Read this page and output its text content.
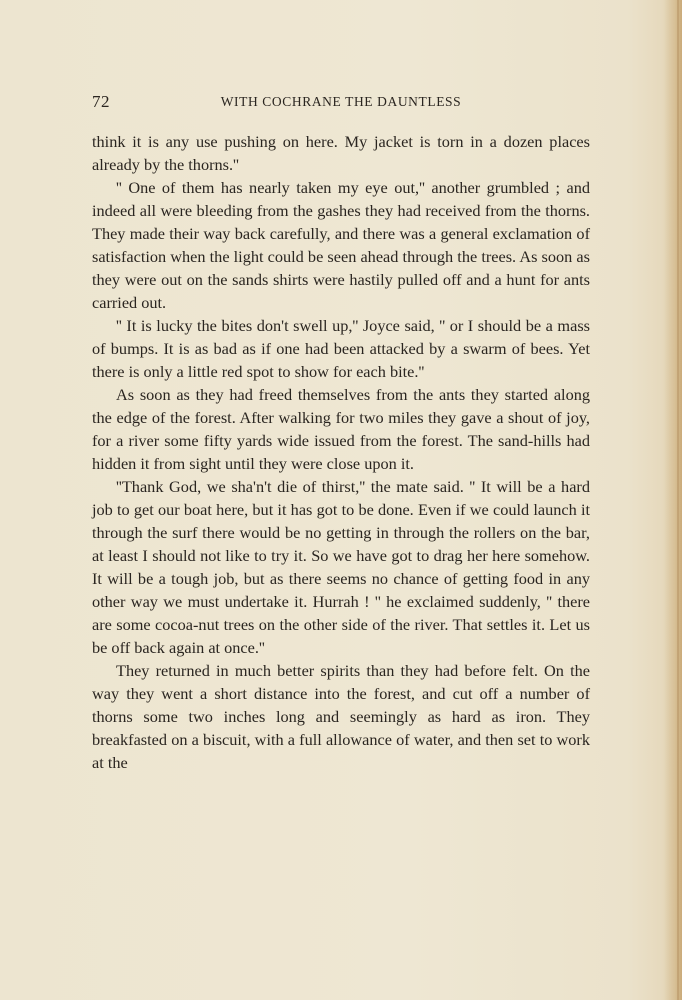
72	WITH COCHRANE THE DAUNTLESS

think it is any use pushing on here. My jacket is torn in a dozen places already by the thorns.''

'' One of them has nearly taken my eye out,'' another grumbled ; and indeed all were bleeding from the gashes they had received from the thorns. They made their way back carefully, and there was a general exclamation of satisfaction when the light could be seen ahead through the trees. As soon as they were out on the sands shirts were hastily pulled off and a hunt for ants carried out.

'' It is lucky the bites don't swell up,'' Joyce said, '' or I should be a mass of bumps. It is as bad as if one had been attacked by a swarm of bees. Yet there is only a little red spot to show for each bite.''

As soon as they had freed themselves from the ants they started along the edge of the forest. After walking for two miles they gave a shout of joy, for a river some fifty yards wide issued from the forest. The sand-hills had hidden it from sight until they were close upon it.

''Thank God, we sha'n't die of thirst,'' the mate said. '' It will be a hard job to get our boat here, but it has got to be done. Even if we could launch it through the surf there would be no getting in through the rollers on the bar, at least I should not like to try it. So we have got to drag her here somehow. It will be a tough job, but as there seems no chance of getting food in any other way we must undertake it. Hurrah ! '' he exclaimed suddenly, '' there are some cocoa-nut trees on the other side of the river. That settles it. Let us be off back again at once.''

They returned in much better spirits than they had before felt. On the way they went a short distance into the forest, and cut off a number of thorns some two inches long and seemingly as hard as iron. They breakfasted on a biscuit, with a full allowance of water, and then set to work at the
